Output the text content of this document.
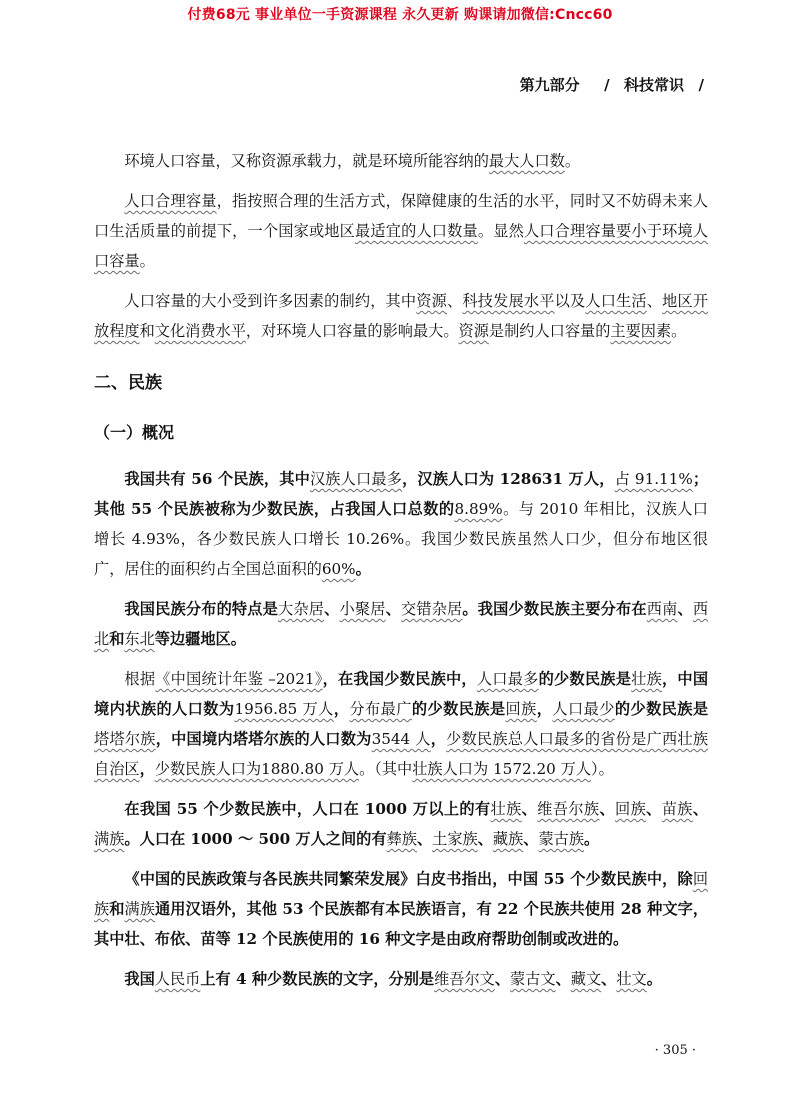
付费68元 事业单位一手资源课程 永久更新 购课请加微信:Cncc60
第九部分 / 科技常识 /

环境人口容量，又称资源承载力，就是环境所能容纳的最大人口数。

人口合理容量，指按照合理的生活方式，保障健康的生活的水平，同时又不妨碍未来人口生活质量的前提下，一个国家或地区最适宜的人口数量。显然人口合理容量要小于环境人口容量。

人口容量的大小受到许多因素的制约，其中资源、科技发展水平以及人口生活、地区开放程度和文化消费水平，对环境人口容量的影响最大。资源是制约人口容量的主要因素。

二、民族
（一）概况

我国共有 56 个民族，其中汉族人口最多，汉族人口为 128631 万人，占 91.11%；其他 55 个民族被称为少数民族，占我国人口总数的8.89%。与 2010 年相比，汉族人口增长 4.93%，各少数民族人口增长 10.26%。我国少数民族虽然人口少，但分布地区很广，居住的面积约占全国总面积的60%。

我国民族分布的特点是大杂居、小聚居、交错杂居。我国少数民族主要分布在西南、西北和东北等边疆地区。

根据《中国统计年鉴 –2021》，在我国少数民族中，人口最多的少数民族是壮族，中国境内状族的人口数为1956.85 万人，分布最广的少数民族是回族，人口最少的少数民族是塔塔尔族，中国境内塔塔尔族的人口数为3544 人，少数民族总人口最多的省份是广西壮族自治区，少数民族人口为1880.80 万人。（其中壮族人口为 1572.20 万人）。

在我国 55 个少数民族中，人口在 1000 万以上的有壮族、维吾尔族、回族、苗族、满族。人口在 1000 ～ 500 万人之间的有彝族、土家族、藏族、蒙古族。

《中国的民族政策与各民族共同繁荣发展》白皮书指出，中国 55 个少数民族中，除回族和满族通用汉语外，其他 53 个民族都有本民族语言，有 22 个民族共使用 28 种文字，其中壮、布依、苗等 12 个民族使用的 16 种文字是由政府帮助创制或改进的。

我国人民币上有 4 种少数民族的文字，分别是维吾尔文、蒙古文、藏文、壮文。

· 305 ·
